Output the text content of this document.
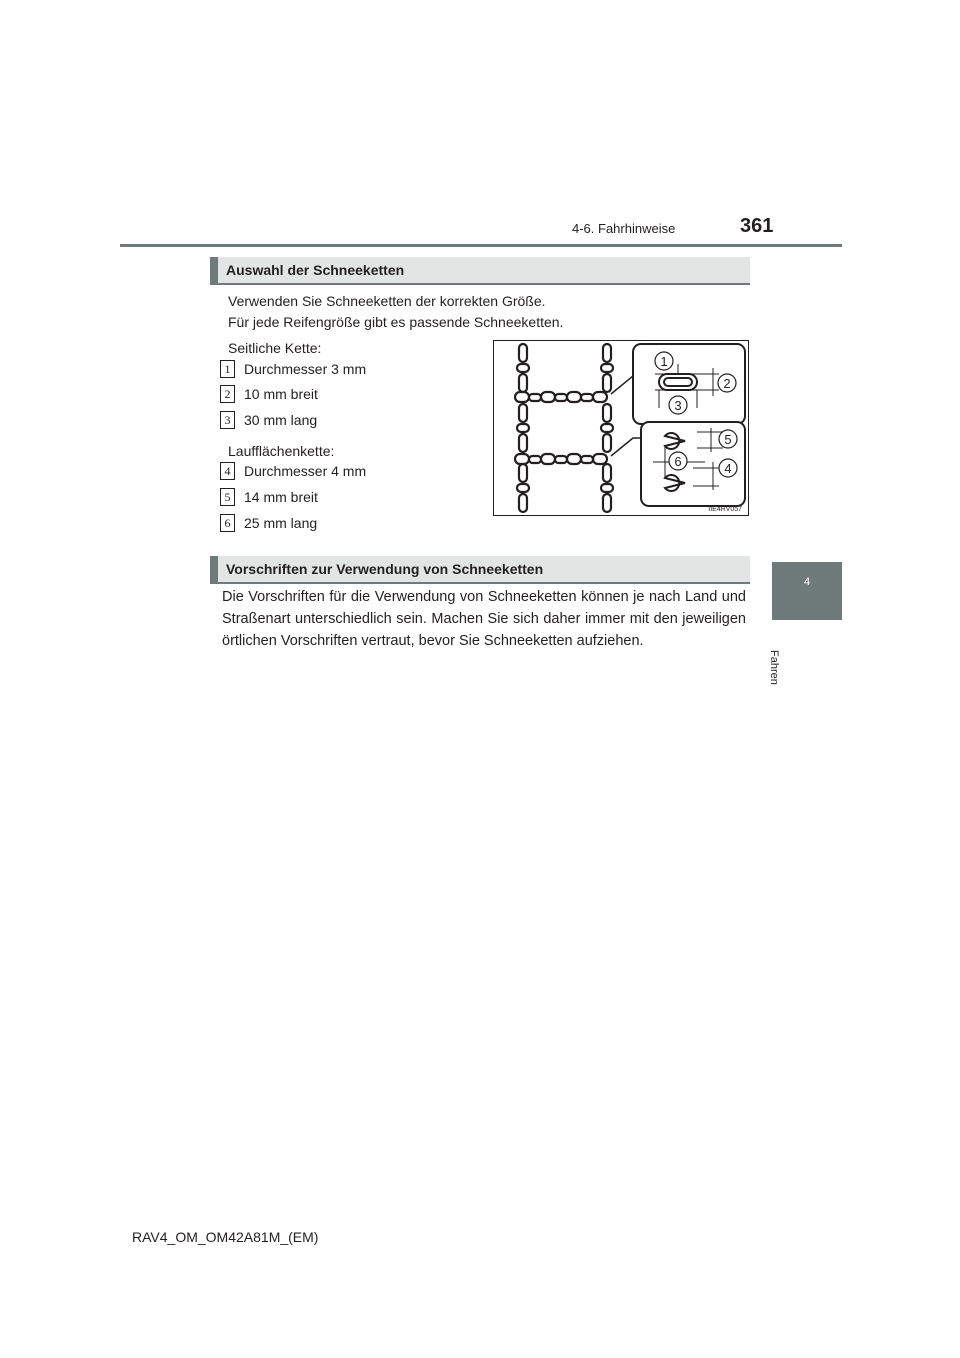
4-6. Fahrhinweise	361
4
Fahren
Auswahl der Schneeketten
Verwenden Sie Schneeketten der korrekten Größe.
Für jede Reifengröße gibt es passende Schneeketten.
Seitliche Kette:
1 Durchmesser 3 mm
2 10 mm breit
3 30 mm lang
Laufflächenkette:
4 Durchmesser 4 mm
5 14 mm breit
6 25 mm lang
1
2
3
5
6	4
IIE4RV057
Vorschriften zur Verwendung von Schneeketten
Die Vorschriften für die Verwendung von Schneeketten können je nach Land und Straßenart unterschiedlich sein. Machen Sie sich daher immer mit den jeweiligen örtlichen Vorschriften vertraut, bevor Sie Schneeketten aufziehen.
RAV4_OM_OM42A81M_(EM)
